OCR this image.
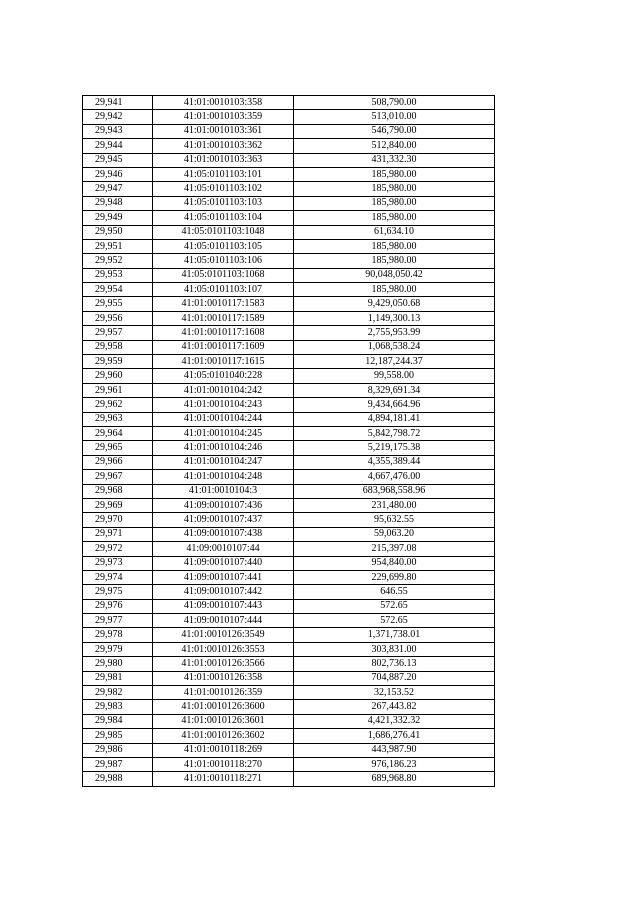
29,941	41:01:0010103:358	508,790.00
29,942	41:01:0010103:359	513,010.00
29,943	41:01:0010103:361	546,790.00
29,944	41:01:0010103:362	512,840.00
29,945	41:01:0010103:363	431,332.30
29,946	41:05:0101103:101	185,980.00
29,947	41:05:0101103:102	185,980.00
29,948	41:05:0101103:103	185,980.00
29,949	41:05:0101103:104	185,980.00
29,950	41:05:0101103:1048	61,634.10
29,951	41:05:0101103:105	185,980.00
29,952	41:05:0101103:106	185,980.00
29,953	41:05:0101103:1068	90,048,050.42
29,954	41:05:0101103:107	185,980.00
29,955	41:01:0010117:1583	9,429,050.68
29,956	41:01:0010117:1589	1,149,300.13
29,957	41:01:0010117:1608	2,755,953.99
29,958	41:01:0010117:1609	1,068,538.24
29,959	41:01:0010117:1615	12,187,244.37
29,960	41:05:0101040:228	99,558.00
29,961	41:01:0010104:242	8,329,691.34
29,962	41:01:0010104:243	9,434,664.96
29,963	41:01:0010104:244	4,894,181.41
29,964	41:01:0010104:245	5,842,798.72
29,965	41:01:0010104:246	5,219,175.38
29,966	41:01:0010104:247	4,355,389.44
29,967	41:01:0010104:248	4,667,476.00
29,968	41:01:0010104:3	683,968,558.96
29,969	41:09:0010107:436	231,480.00
29,970	41:09:0010107:437	95,632.55
29,971	41:09:0010107:438	59,063.20
29,972	41:09:0010107:44	215,397.08
29,973	41:09:0010107:440	954,840.00
29,974	41:09:0010107:441	229,699.80
29,975	41:09:0010107:442	646.55
29,976	41:09:0010107:443	572.65
29,977	41:09:0010107:444	572.65
29,978	41:01:0010126:3549	1,371,738.01
29,979	41:01:0010126:3553	303,831.00
29,980	41:01:0010126:3566	802,736.13
29,981	41:01:0010126:358	704,887.20
29,982	41:01:0010126:359	32,153.52
29,983	41:01:0010126:3600	267,443.82
29,984	41:01:0010126:3601	4,421,332.32
29,985	41:01:0010126:3602	1,686,276.41
29,986	41:01:0010118:269	443,987.90
29,987	41:01:0010118:270	976,186.23
29,988	41:01:0010118:271	689,968.80
